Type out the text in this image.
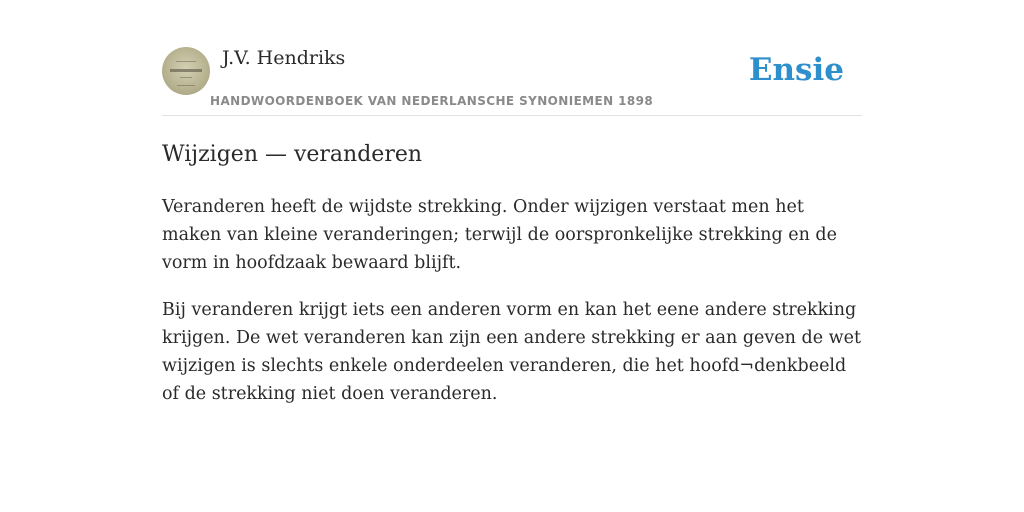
J.V. Hendriks
HANDWOORDENBOEK VAN NEDERLANSCHE SYNONIEMEN 1898
Ensie
Wijzigen — veranderen

Veranderen heeft de wijdste strekking. Onder wijzigen verstaat men het maken van kleine veranderingen; terwijl de oorspronkelijke strekking en de vorm in hoofdzaak bewaard blijft.

Bij veranderen krijgt iets een anderen vorm en kan het eene andere strekking krijgen. De wet veranderen kan zijn een andere strekking er aan geven de wet wijzigen is slechts enkele onderdeelen veranderen, die het hoofd¬denkbeeld of de strekking niet doen veranderen.
